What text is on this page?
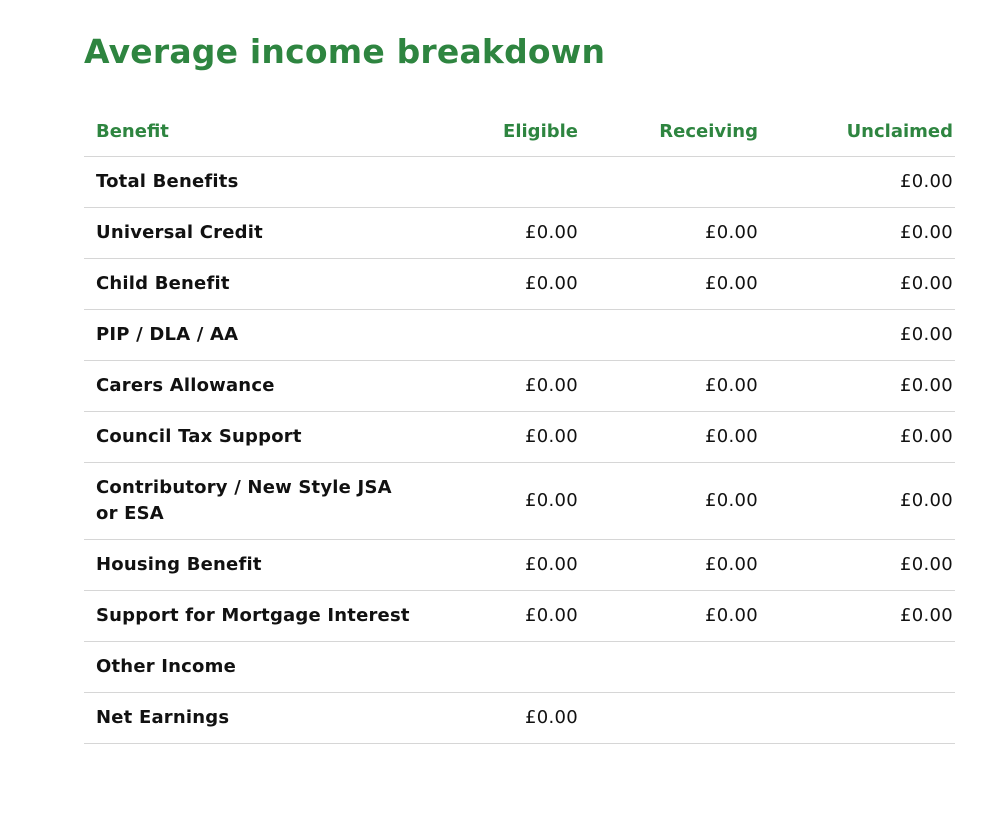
Average income breakdown
Benefit	Eligible	Receiving	Unclaimed
Total Benefits			£0.00
Universal Credit	£0.00	£0.00	£0.00
Child Benefit	£0.00	£0.00	£0.00
PIP / DLA / AA			£0.00
Carers Allowance	£0.00	£0.00	£0.00
Council Tax Support	£0.00	£0.00	£0.00

Contributory / New Style JSA or ESA	£0.00	£0.00	£0.00
Housing Benefit	£0.00	£0.00	£0.00
Support for Mortgage Interest	£0.00	£0.00	£0.00
Other Income			
Net Earnings	£0.00		
